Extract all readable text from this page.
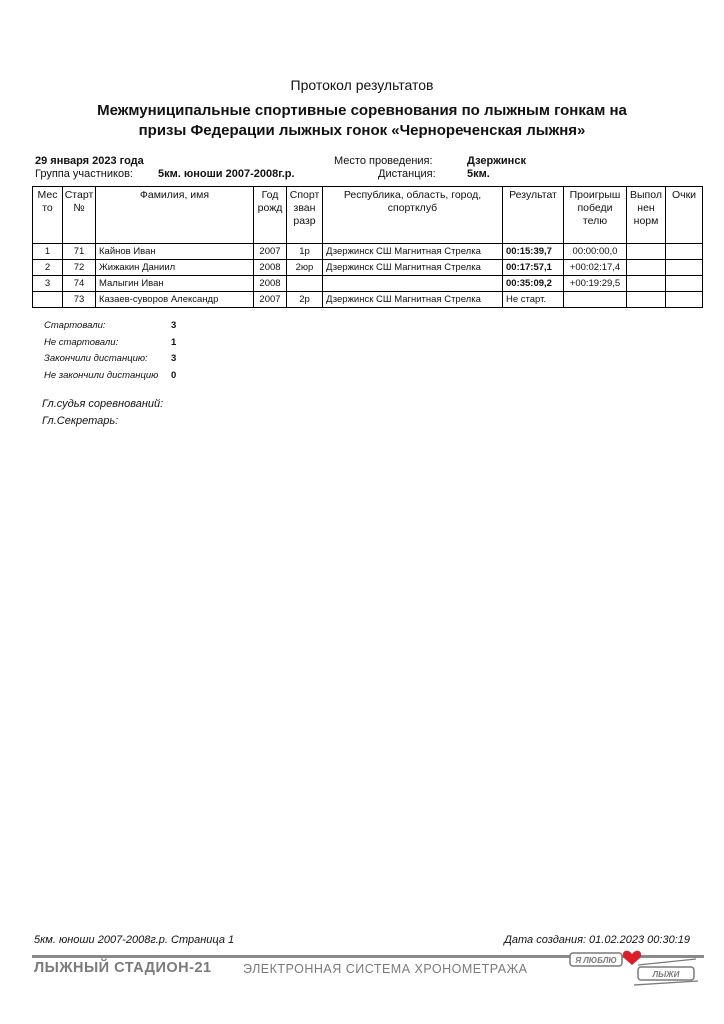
Протокол результатов
Межмуниципальные спортивные соревнования по лыжным гонкам на
призы Федерации лыжных гонок «Чернореченская лыжня»
29 января 2023 года	Место проведения:	Дзержинск
Группа участников: 5км. юноши 2007-2008г.р.	Дистанция:	5км.
Мес то	Старт №	Фамилия, имя	Год рожд	Спорт зван разр	Республика, область, город, спортклуб	Результат	Проигрыш победи телю	Выпол нен норм	Очки
1	71	Кайнов Иван	2007	1р	Дзержинск СШ Магнитная Стрелка	00:15:39,7	00:00:00,0		
2	72	Жижакин Даниил	2008	2юр	Дзержинск СШ Магнитная Стрелка	00:17:57,1	+00:02:17,4		
3	74	Малыгин Иван	2008			00:35:09,2	+00:19:29,5		
	73	Казаев-суворов Александр	2007	2р	Дзержинск СШ Магнитная Стрелка	Не старт.			
Стартовали:	3
Не стартовали:	1
Закончили дистанцию: 3
Не закончили дистанцию 0
Гл.судья соревнований:
Гл.Секретарь:
5км. юноши 2007-2008г.р. Страница 1	Дата создания: 01.02.2023 00:30:19
ЛЫЖНЫЙ СТАДИОН-21	ЭЛЕКТРОННАЯ СИСТЕМА ХРОНОМЕТРАЖА
Я ЛЮБЛЮ
ЛЫЖИ
